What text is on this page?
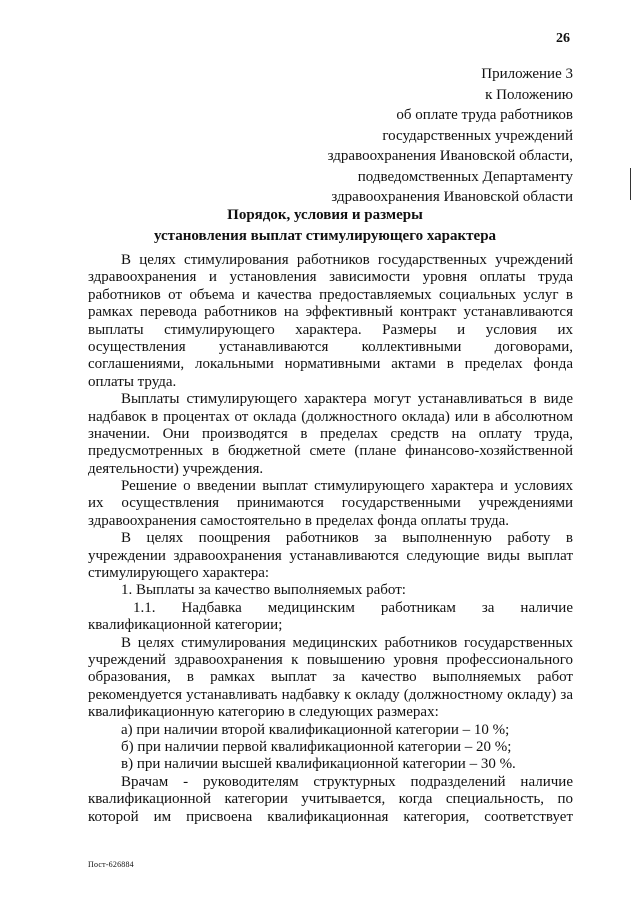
26
Приложение 3
к Положению
об оплате труда работников
государственных учреждений
здравоохранения Ивановской области,
подведомственных Департаменту
здравоохранения Ивановской области
Порядок, условия и размеры
установления выплат стимулирующего характера
В целях стимулирования работников государственных учреждений
здравоохранения и установления зависимости уровня оплаты труда
работников от объема и качества предоставляемых социальных услуг в
рамках перевода работников на эффективный контракт устанавливаются
выплаты стимулирующего характера. Размеры и условия их
осуществления устанавливаются коллективными договорами,
соглашениями, локальными нормативными актами в пределах фонда
оплаты труда.
Выплаты стимулирующего характера могут устанавливаться в виде
надбавок в процентах от оклада (должностного оклада) или в абсолютном
значении. Они производятся в пределах средств на оплату труда,
предусмотренных в бюджетной смете (плане финансово-хозяйственной
деятельности) учреждения.
Решение о введении выплат стимулирующего характера и условиях
их осуществления принимаются государственными учреждениями
здравоохранения самостоятельно в пределах фонда оплаты труда.
В целях поощрения работников за выполненную работу в
учреждении здравоохранения устанавливаются следующие виды выплат
стимулирующего характера:
1. Выплаты за качество выполняемых работ:
1.1. Надбавка медицинским работникам за наличие
квалификационной категории;
В целях стимулирования медицинских работников государственных
учреждений здравоохранения к повышению уровня профессионального
образования, в рамках выплат за качество выполняемых работ
рекомендуется устанавливать надбавку к окладу (должностному окладу) за
квалификационную категорию в следующих размерах:
а) при наличии второй квалификационной категории – 10 %;
б) при наличии первой квалификационной категории – 20 %;
в) при наличии высшей квалификационной категории – 30 %.
Врачам - руководителям структурных подразделений наличие
квалификационной категории учитывается, когда специальность, по
которой им присвоена квалификационная категория, соответствует
Пост-626884
